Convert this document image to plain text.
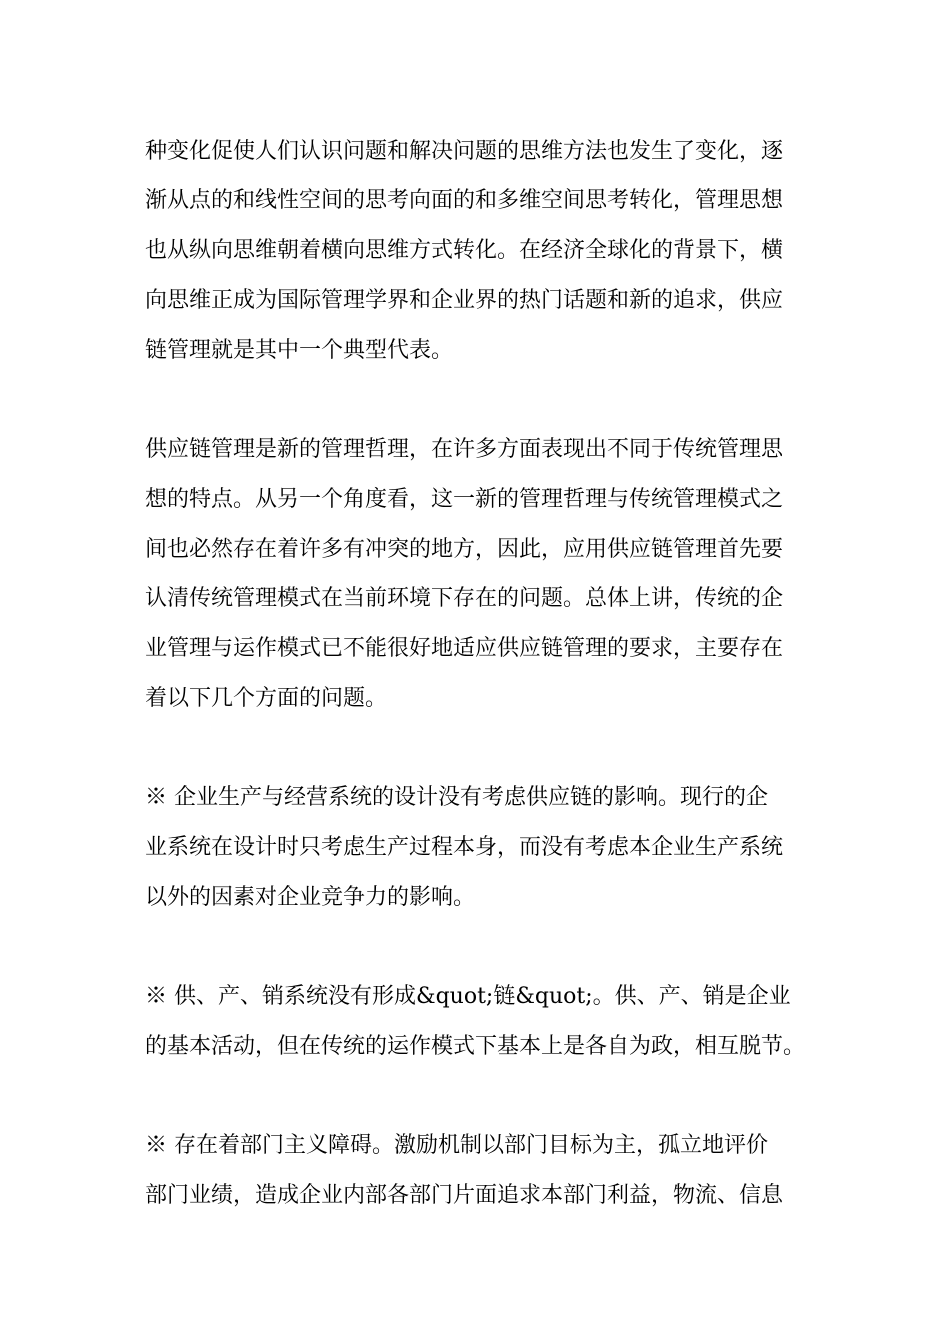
种变化促使人们认识问题和解决问题的思维方法也发生了变化，逐
渐从点的和线性空间的思考向面的和多维空间思考转化，管理思想
也从纵向思维朝着横向思维方式转化。在经济全球化的背景下，横
向思维正成为国际管理学界和企业界的热门话题和新的追求，供应
链管理就是其中一个典型代表。
供应链管理是新的管理哲理，在许多方面表现出不同于传统管理思
想的特点。从另一个角度看，这一新的管理哲理与传统管理模式之
间也必然存在着许多有冲突的地方，因此，应用供应链管理首先要
认清传统管理模式在当前环境下存在的问题。总体上讲，传统的企
业管理与运作模式已不能很好地适应供应链管理的要求，主要存在
着以下几个方面的问题。
※ 企业生产与经营系统的设计没有考虑供应链的影响。现行的企
业系统在设计时只考虑生产过程本身，而没有考虑本企业生产系统
以外的因素对企业竞争力的影响。
※ 供、产、销系统没有形成&quot;链&quot;。供、产、销是企业
的基本活动，但在传统的运作模式下基本上是各自为政，相互脱节。
※ 存在着部门主义障碍。激励机制以部门目标为主，孤立地评价
部门业绩，造成企业内部各部门片面追求本部门利益，物流、信息
